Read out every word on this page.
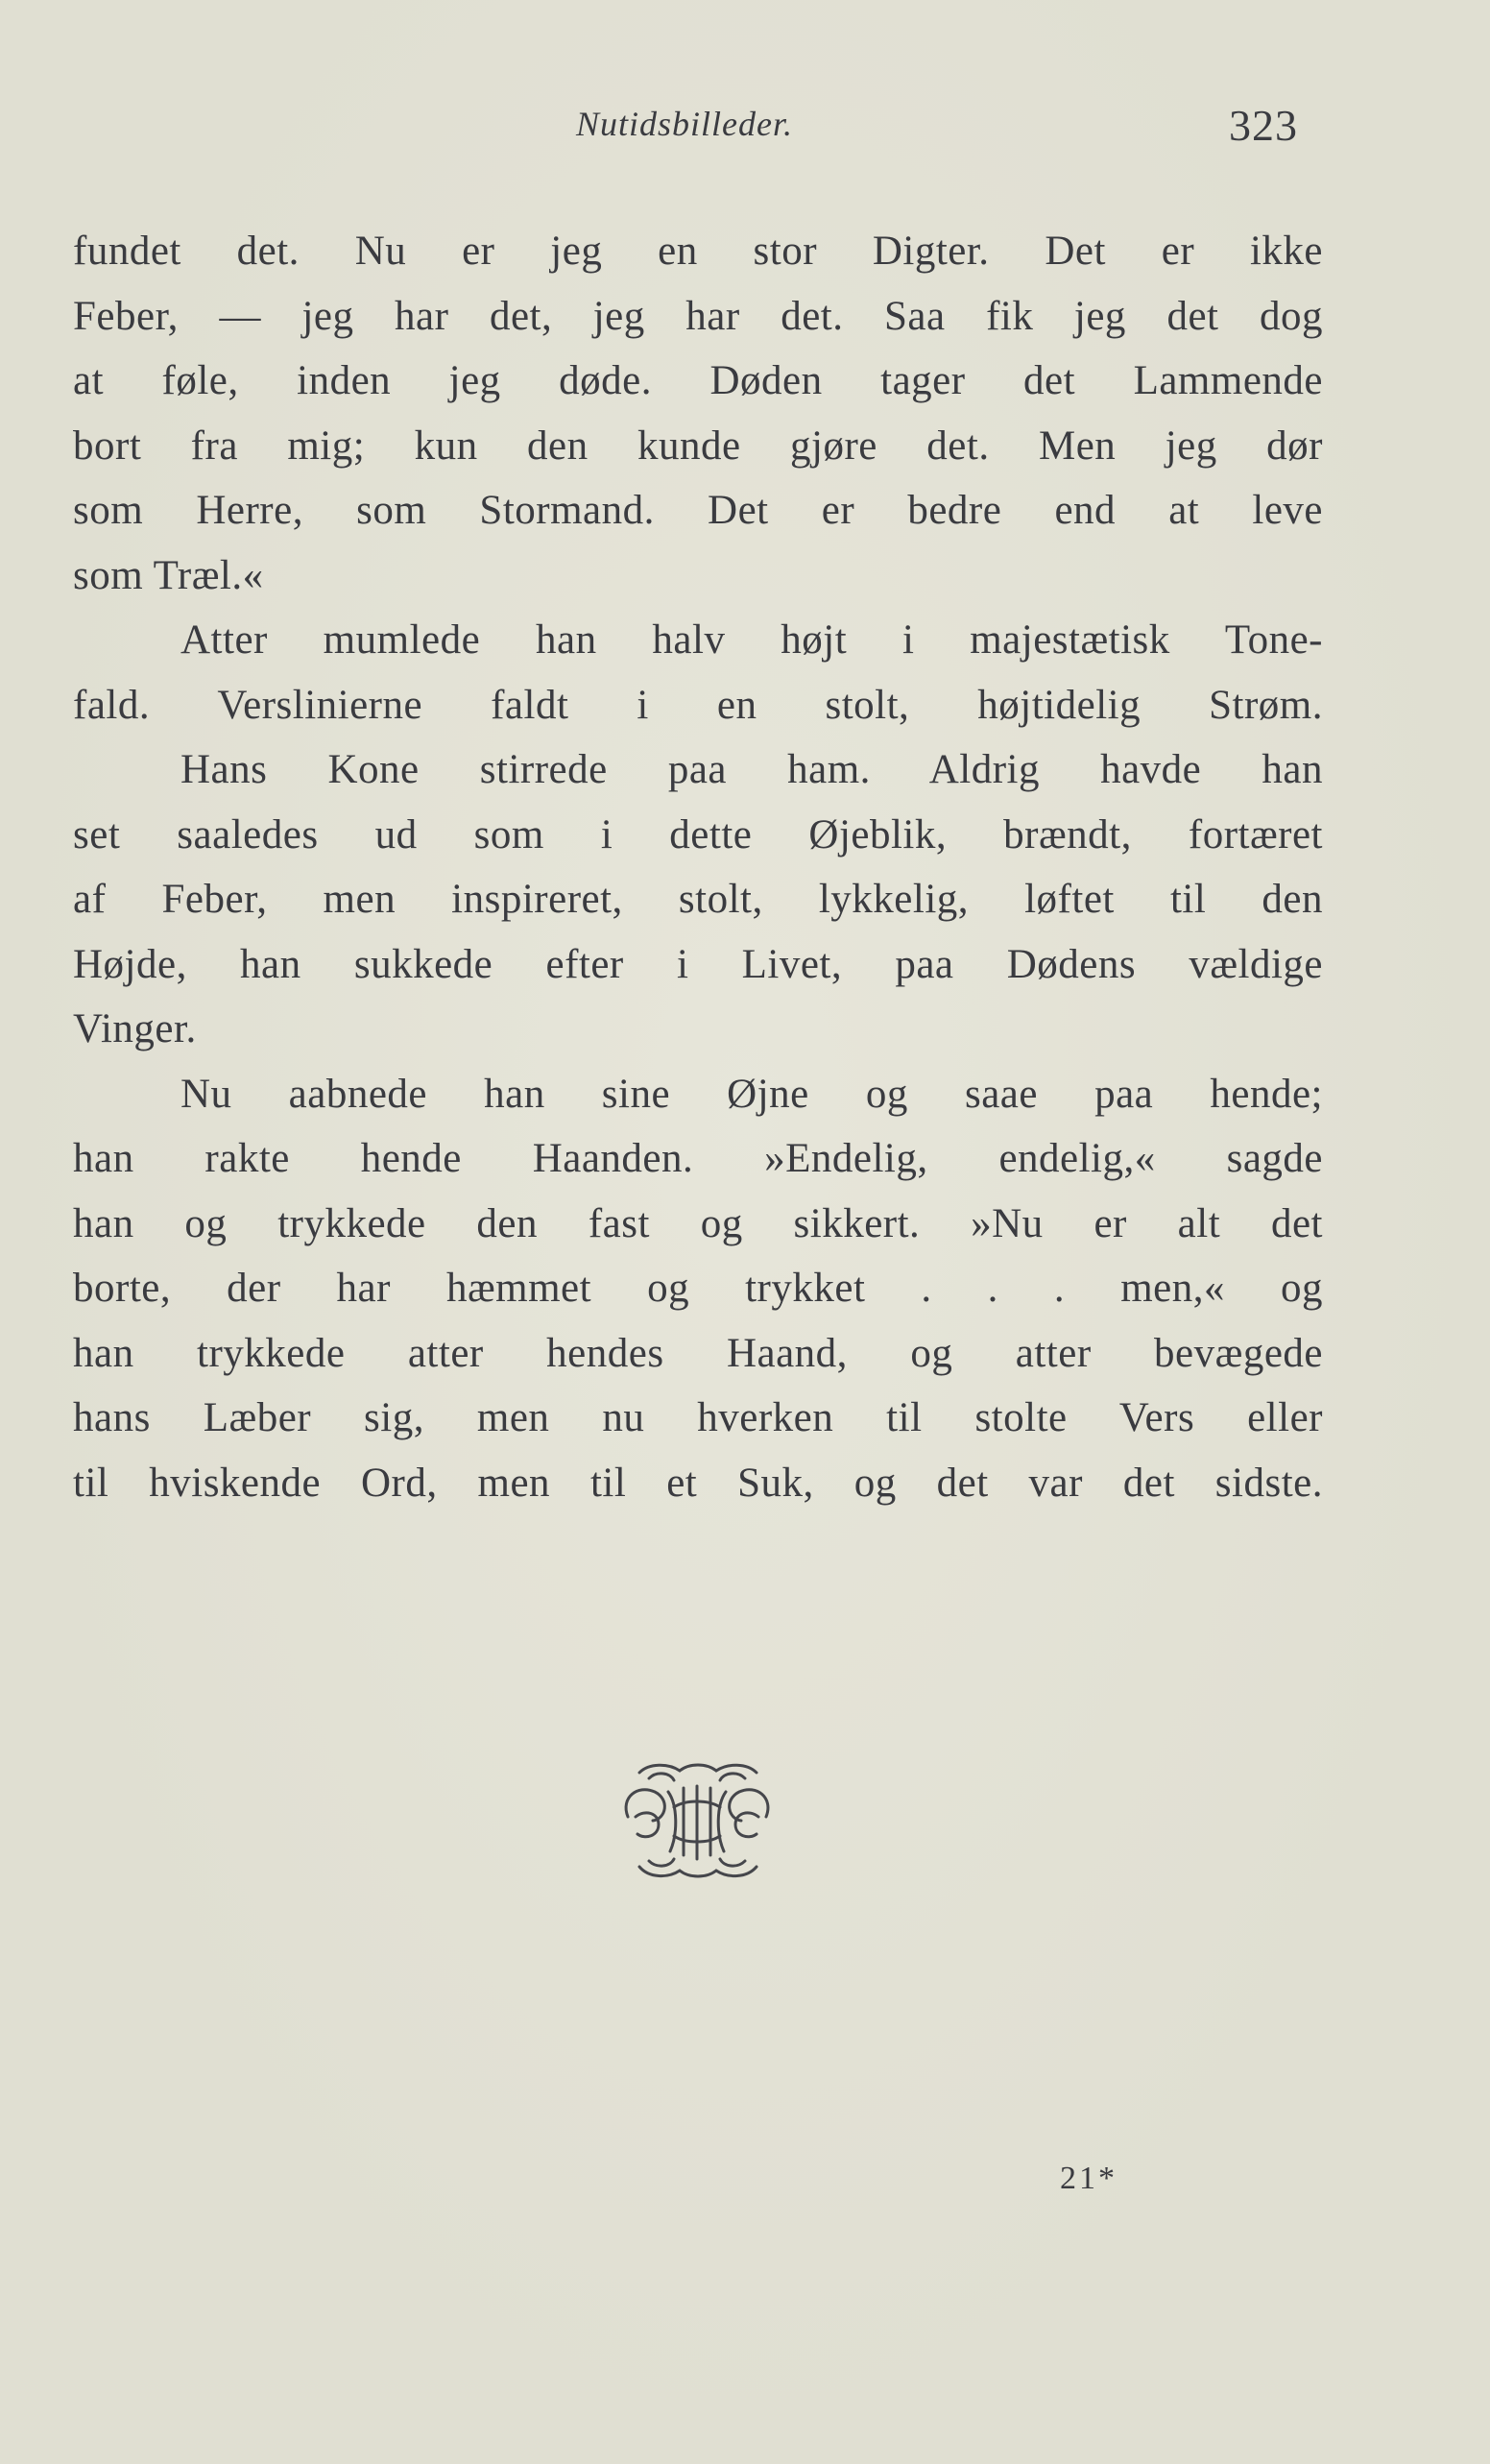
Nutidsbilleder.	323
fundet det. Nu er jeg en stor Digter. Det er ikke
Feber, — jeg har det, jeg har det. Saa fik jeg det dog
at føle, inden jeg døde. Døden tager det Lammende
bort fra mig; kun den kunde gjøre det. Men jeg dør
som Herre, som Stormand. Det er bedre end at leve
som Træl.«
Atter mumlede han halv højt i majestætisk Tone-
fald. Verslinierne faldt i en stolt, højtidelig Strøm.
Hans Kone stirrede paa ham. Aldrig havde han
set saaledes ud som i dette Øjeblik, brændt, fortæret
af Feber, men inspireret, stolt, lykkelig, løftet til den
Højde, han sukkede efter i Livet, paa Dødens vældige
Vinger.
Nu aabnede han sine Øjne og saae paa hende;
han rakte hende Haanden. »Endelig, endelig,« sagde
han og trykkede den fast og sikkert. »Nu er alt det
borte, der har hæmmet og trykket . . . men,« og
han trykkede atter hendes Haand, og atter bevægede
hans Læber sig, men nu hverken til stolte Vers eller
til hviskende Ord, men til et Suk, og det var det sidste.
21*
